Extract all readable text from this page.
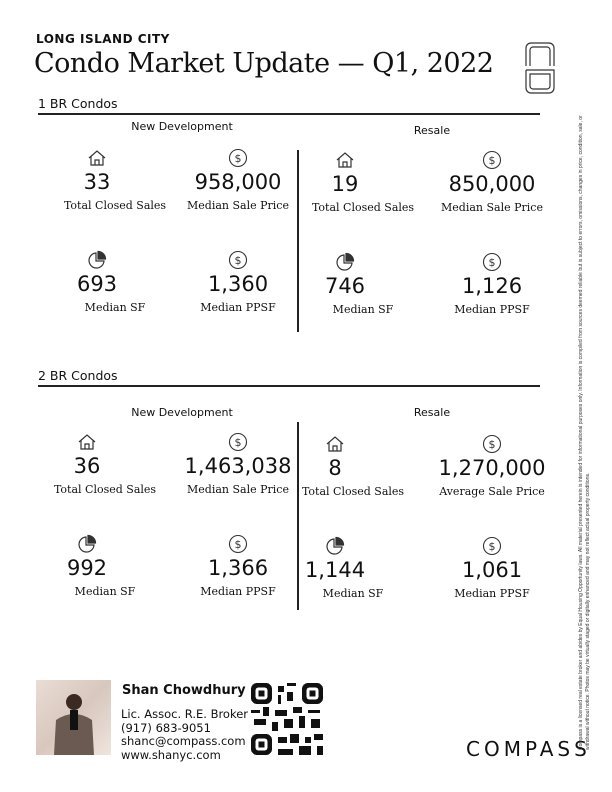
LONG ISLAND CITY
Condo Market Update — Q1, 2022
1 BR Condos
New Development
33
Total Closed Sales
$
958,000
Median Sale Price
693
Median SF
$
1,360
Median PPSF
Resale
19
Total Closed Sales
$
850,000
Median Sale Price
746
Median SF
$
1,126
Median PPSF
2 BR Condos
New Development
36
Total Closed Sales
$
1,463,038
Median Sale Price
992
Median SF
$
1,366
Median PPSF
Resale
8
Total Closed Sales
$
1,270,000
Average Sale Price
1,144
Median SF
$
1,061
Median PPSF
Shan Chowdhury
Lic. Assoc. R.E. Broker
(917) 683-9051
shanc@compass.com
www.shanyc.com	COMPASS
Compass is a licensed real estate broker and abides by Equal Housing Opportunity laws. All material presented herein is intended for informational purposes only. Information is compiled from sources deemed reliable but is subject to errors, omissions, changes in price, condition, sale, or withdrawal without notice. Photos may be virtually staged or digitally enhanced and may not reflect actual property conditions.
